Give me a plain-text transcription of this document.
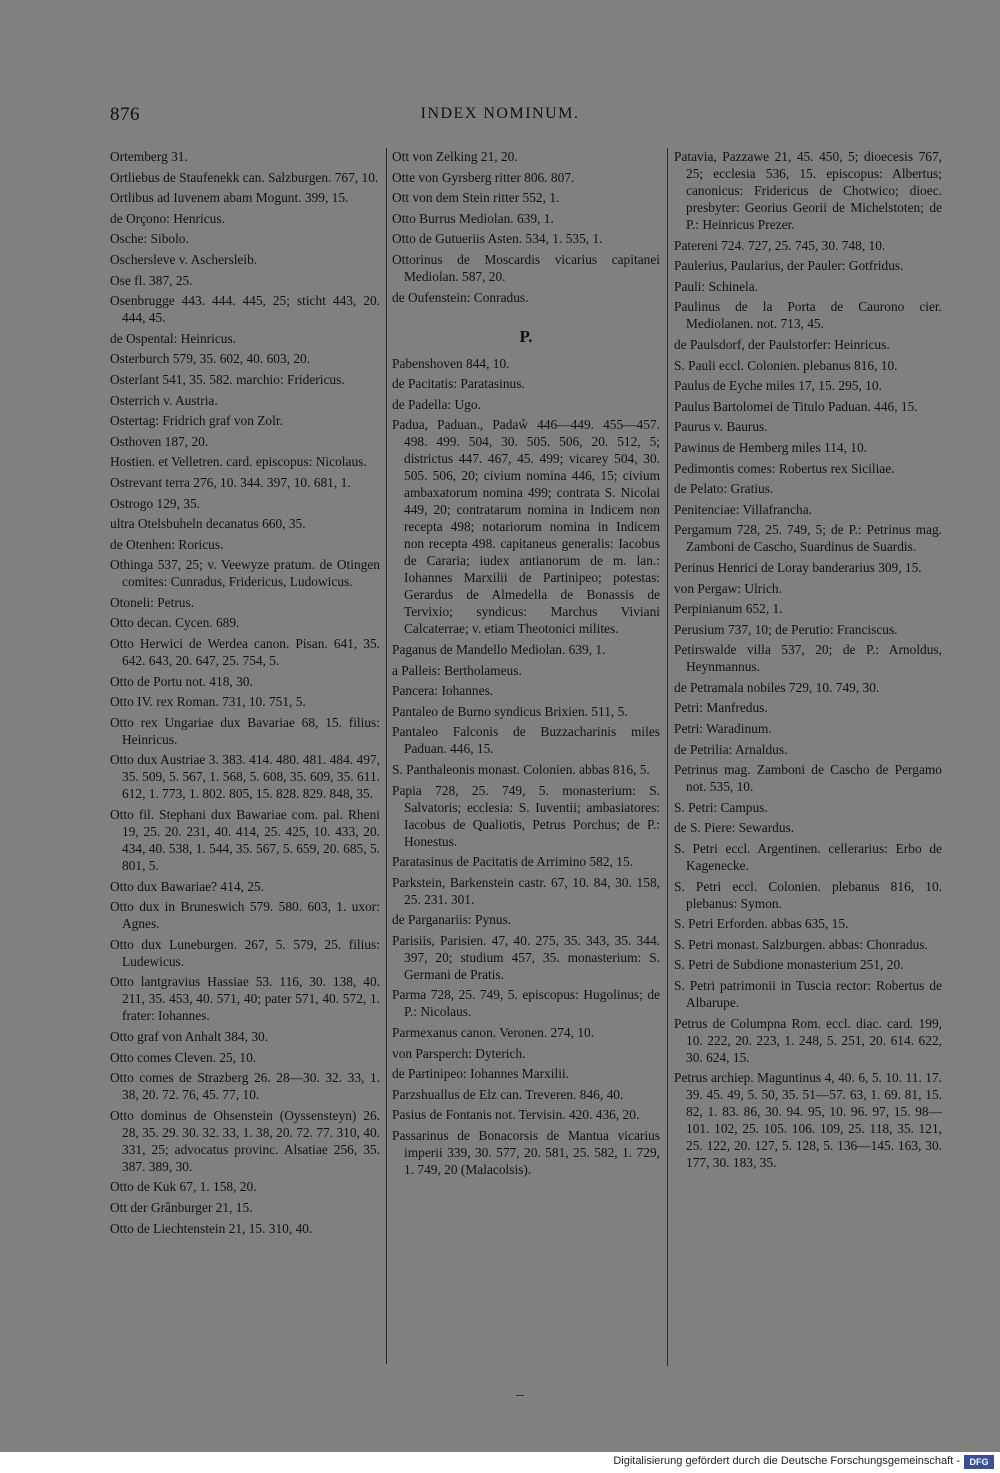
876	INDEX NOMINUM.
Ortemberg 31.
Ortliebus de Staufenekk can. Salzburgen. 767, 10.
Ortlibus ad Iuvenem abam Mogunt. 399, 15.
de Orçono: Henricus.
Osche: Sibolo.
Oschersleve v. Aschersleib.
Ose fl. 387, 25.
Osenbrugge 443. 444. 445, 25; sticht 443, 20. 444, 45.
de Ospental: Heinricus.
Osterburch 579, 35. 602, 40. 603, 20.
Osterlant 541, 35. 582. marchio: Fridericus.
Osterrich v. Austria.
Ostertag: Fridrich graf von Zolr.
Osthoven 187, 20.
Hostien. et Velletren. card. episcopus: Nicolaus.
Ostrevant terra 276, 10. 344. 397, 10. 681, 1.
Ostrogo 129, 35.
ultra Otelsbuheln decanatus 660, 35.
de Otenhen: Roricus.
Othinga 537, 25; v. Veewyze pratum. de Otingen comites: Cunradus, Fridericus, Ludowicus.
Otoneli: Petrus.
Otto decan. Cycen. 689.
Otto Herwici de Werdea canon. Pisan. 641, 35. 642. 643, 20. 647, 25. 754, 5.
Otto de Portu not. 418, 30.
Otto IV. rex Roman. 731, 10. 751, 5.
Otto rex Ungariae dux Bavariae 68, 15. filius: Heinricus.
Otto dux Austriae 3. 383. 414. 480. 481. 484. 497, 35. 509, 5. 567, 1. 568, 5. 608, 35. 609, 35. 611. 612, 1. 773, 1. 802. 805, 15. 828. 829. 848, 35.
Otto fil. Stephani dux Bawariae com. pal. Rheni 19, 25. 20. 231, 40. 414, 25. 425, 10. 433, 20. 434, 40. 538, 1. 544, 35. 567, 5. 659, 20. 685, 5. 801, 5.
Otto dux Bawariae? 414, 25.
Otto dux in Bruneswich 579. 580. 603, 1. uxor: Agnes.
Otto dux Luneburgen. 267, 5. 579, 25. filius: Ludewicus.
Otto lantgravius Hassiae 53. 116, 30. 138, 40. 211, 35. 453, 40. 571, 40; pater 571, 40. 572, 1. frater: Iohannes.
Otto graf von Anhalt 384, 30.
Otto comes Cleven. 25, 10.
Otto comes de Strazberg 26. 28—30. 32. 33, 1. 38, 20. 72. 76, 45. 77, 10.
Otto dominus de Ohsenstein (Oyssensteyn) 26. 28, 35. 29. 30. 32. 33, 1. 38, 20. 72. 77. 310, 40. 331, 25; advocatus provinc. Alsatiae 256, 35. 387. 389, 30.
Otto de Kuk 67, 1. 158, 20.
Ott der Grânburger 21, 15.
Otto de Liechtenstein 21, 15. 310, 40.
Ott von Zelking 21, 20.
Otte von Gyrsberg ritter 806. 807.
Ott von dem Stein ritter 552, 1.
Otto Burrus Mediolan. 639, 1.
Otto de Gutueriis Asten. 534, 1. 535, 1.
Ottorinus de Moscardis vicarius capitanei Mediolan. 587, 20.
de Oufenstein: Conradus.
P.
Pabenshoven 844, 10.
de Pacitatis: Paratasinus.
de Padella: Ugo.
Padua, Paduan., Padaẘ 446—449. 455—457. 498. 499. 504, 30. 505. 506, 20. 512, 5; districtus 447. 467, 45. 499; vicarey 504, 30. 505. 506, 20; civium nomina 446, 15; civium ambaxatorum nomina 499; contrata S. Nicolai 449, 20; contratarum nomina in Indicem non recepta 498; notariorum nomina in Indicem non recepta 498. capitaneus generalis: Iacobus de Cararia; iudex antianorum de m. lan.: Iohannes Marxilii de Partinipeo; potestas: Gerardus de Almedella de Bonassis de Tervixio; syndicus: Marchus Viviani Calcaterrae; v. etiam Theotonici milites.
Paganus de Mandello Mediolan. 639, 1.
a Palleis: Bertholameus.
Pancera: Iohannes.
Pantaleo de Burno syndicus Brixien. 511, 5.
Pantaleo Falconis de Buzzacharinis miles Paduan. 446, 15.
S. Panthaleonis monast. Colonien. abbas 816, 5.
Papia 728, 25. 749, 5. monasterium: S. Salvatoris; ecclesia: S. Iuventii; ambasiatores: Iacobus de Qualiotis, Petrus Porchus; de P.: Honestus.
Paratasinus de Pacitatis de Arrimino 582, 15.
Parkstein, Barkenstein castr. 67, 10. 84, 30. 158, 25. 231. 301.
de Parganariis: Pynus.
Parisiis, Parisien. 47, 40. 275, 35. 343, 35. 344. 397, 20; studium 457, 35. monasterium: S. Germani de Pratis.
Parma 728, 25. 749, 5. episcopus: Hugolinus; de P.: Nicolaus.
Parmexanus canon. Veronen. 274, 10.
von Parsperch: Dyterich.
de Partinipeo: Iohannes Marxilii.
Parzshuallus de Elz can. Treveren. 846, 40.
Pasius de Fontanis not. Tervisin. 420. 436, 20.
Passarinus de Bonacorsis de Mantua vicarius imperii 339, 30. 577, 20. 581, 25. 582, 1. 729, 1. 749, 20 (Malacolsis).
Patavia, Pazzawe 21, 45. 450, 5; dioecesis 767, 25; ecclesia 536, 15. episcopus: Albertus; canonicus: Fridericus de Chotwico; dioec. presbyter: Georius Georii de Michelstoten; de P.: Heinricus Prezer.
Patereni 724. 727, 25. 745, 30. 748, 10.
Paulerius, Paularius, der Pauler: Gotfridus.
Pauli: Schinela.
Paulinus de la Porta de Caurono cier. Mediolanen. not. 713, 45.
de Paulsdorf, der Paulstorfer: Heinricus.
S. Pauli eccl. Colonien. plebanus 816, 10.
Paulus de Eyche miles 17, 15. 295, 10.
Paulus Bartolomei de Titulo Paduan. 446, 15.
Paurus v. Baurus.
Pawinus de Hemberg miles 114, 10.
Pedimontis comes: Robertus rex Siciliae.
de Pelato: Gratius.
Penitenciae: Villafrancha.
Pergamum 728, 25. 749, 5; de P.: Petrinus mag. Zamboni de Cascho, Suardinus de Suardis.
Perinus Henrici de Loray banderarius 309, 15.
von Pergaw: Ulrich.
Perpinianum 652, 1.
Perusium 737, 10; de Perutio: Franciscus.
Petirswalde villa 537, 20; de P.: Arnoldus, Heynmannus.
de Petramala nobiles 729, 10. 749, 30.
Petri: Manfredus.
Petri: Waradinum.
de Petrilia: Arnaldus.
Petrinus mag. Zamboni de Cascho de Pergamo not. 535, 10.
S. Petri: Campus.
de S. Piere: Sewardus.
S. Petri eccl. Argentinen. cellerarius: Erbo de Kagenecke.
S. Petri eccl. Colonien. plebanus 816, 10. plebanus: Symon.
S. Petri Erforden. abbas 635, 15.
S. Petri monast. Salzburgen. abbas: Chonradus.
S. Petri de Subdione monasterium 251, 20.
S. Petri patrimonii in Tuscia rector: Robertus de Albarupe.
Petrus de Columpna Rom. eccl. diac. card. 199, 10. 222, 20. 223, 1. 248, 5. 251, 20. 614. 622, 30. 624, 15.
Petrus archiep. Maguntinus 4, 40. 6, 5. 10. 11. 17. 39. 45. 49, 5. 50, 35. 51—57. 63, 1. 69. 81, 15. 82, 1. 83. 86, 30. 94. 95, 10. 96. 97, 15. 98—101. 102, 25. 105. 106. 109, 25. 118, 35. 121, 25. 122, 20. 127, 5. 128, 5. 136—145. 163, 30. 177, 30. 183, 35.
Digitalisierung gefördert durch die Deutsche Forschungsgemeinschaft -	DFG
